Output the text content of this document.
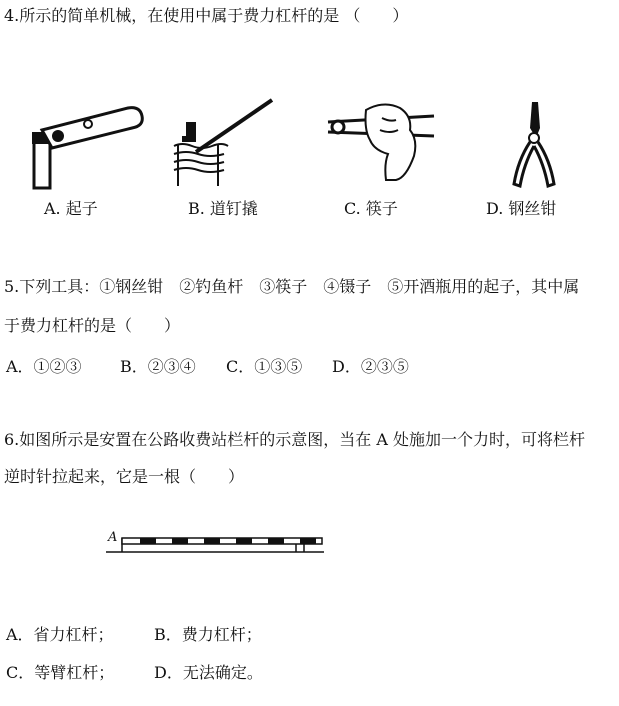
4.所示的简单机械，在使用中属于费力杠杆的是 （　　）
A. 起子	B. 道钉撬	C. 筷子	D. 钢丝钳
5.下列工具：①钢丝钳　②钓鱼杆　③筷子　④镊子　⑤开酒瓶用的起子，其中属
于费力杠杆的是（　　）
A．①②③ B．②③④ C．①③⑤ D．②③⑤
6.如图所示是安置在公路收费站栏杆的示意图，当在 A 处施加一个力时，可将栏杆
逆时针拉起来，它是一根（　　）
A
A．省力杠杆；	B．费力杠杆；
C．等臂杠杆； D．无法确定。
